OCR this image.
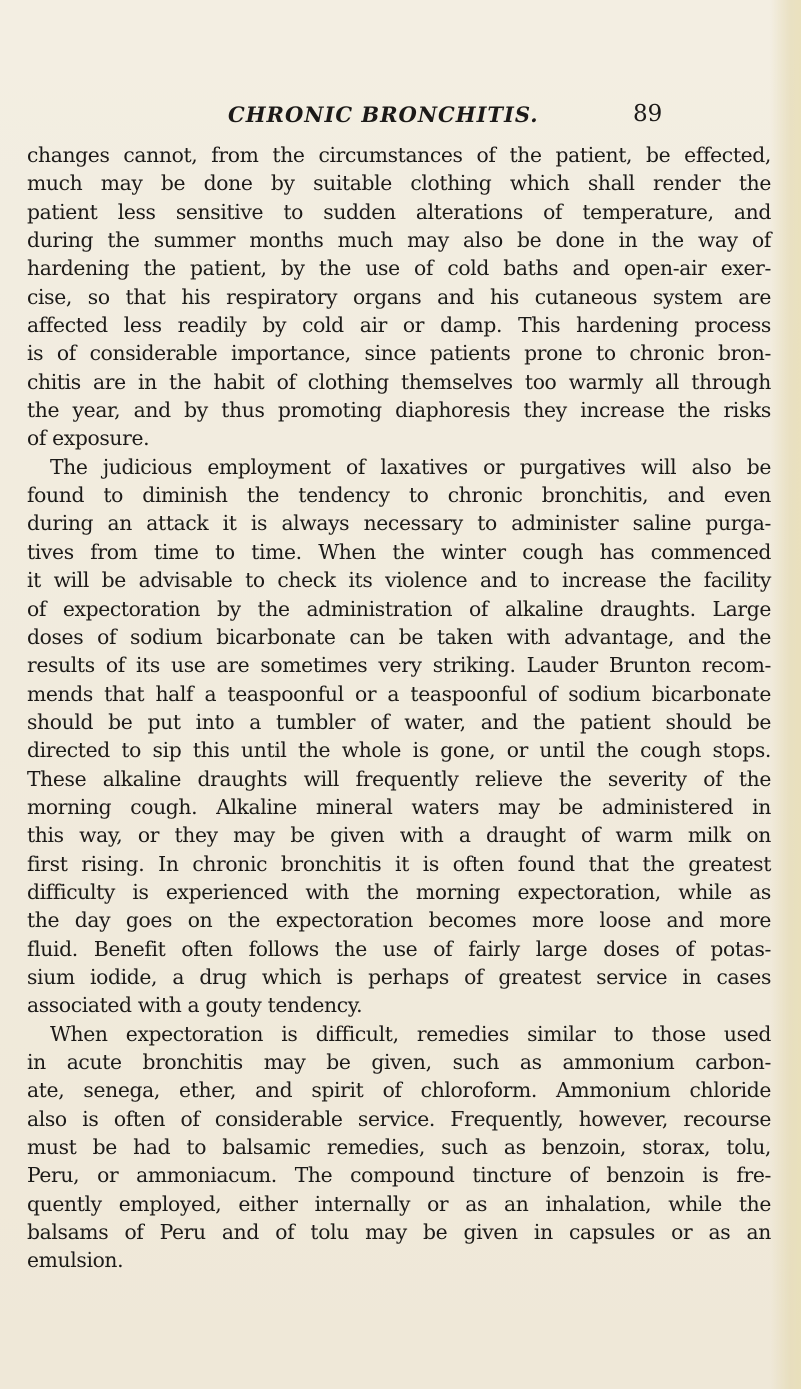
CHRONIC BRONCHITIS.	89
changes cannot, from the circumstances of the patient, be effected,
much may be done by suitable clothing which shall render the
patient less sensitive to sudden alterations of temperature, and
during the summer months much may also be done in the way of
hardening the patient, by the use of cold baths and open-air exer-
cise, so that his respiratory organs and his cutaneous system are
affected less readily by cold air or damp. This hardening process
is of considerable importance, since patients prone to chronic bron-
chitis are in the habit of clothing themselves too warmly all through
the year, and by thus promoting diaphoresis they increase the risks
of exposure.
The judicious employment of laxatives or purgatives will also be
found to diminish the tendency to chronic bronchitis, and even
during an attack it is always necessary to administer saline purga-
tives from time to time. When the winter cough has commenced
it will be advisable to check its violence and to increase the facility
of expectoration by the administration of alkaline draughts. Large
doses of sodium bicarbonate can be taken with advantage, and the
results of its use are sometimes very striking. Lauder Brunton recom-
mends that half a teaspoonful or a teaspoonful of sodium bicarbonate
should be put into a tumbler of water, and the patient should be
directed to sip this until the whole is gone, or until the cough stops.
These alkaline draughts will frequently relieve the severity of the
morning cough. Alkaline mineral waters may be administered in
this way, or they may be given with a draught of warm milk on
first rising. In chronic bronchitis it is often found that the greatest
difficulty is experienced with the morning expectoration, while as
the day goes on the expectoration becomes more loose and more
fluid. Benefit often follows the use of fairly large doses of potas-
sium iodide, a drug which is perhaps of greatest service in cases
associated with a gouty tendency.
When expectoration is difficult, remedies similar to those used
in acute bronchitis may be given, such as ammonium carbon-
ate, senega, ether, and spirit of chloroform. Ammonium chloride
also is often of considerable service. Frequently, however, recourse
must be had to balsamic remedies, such as benzoin, storax, tolu,
Peru, or ammoniacum. The compound tincture of benzoin is fre-
quently employed, either internally or as an inhalation, while the
balsams of Peru and of tolu may be given in capsules or as an
emulsion.
